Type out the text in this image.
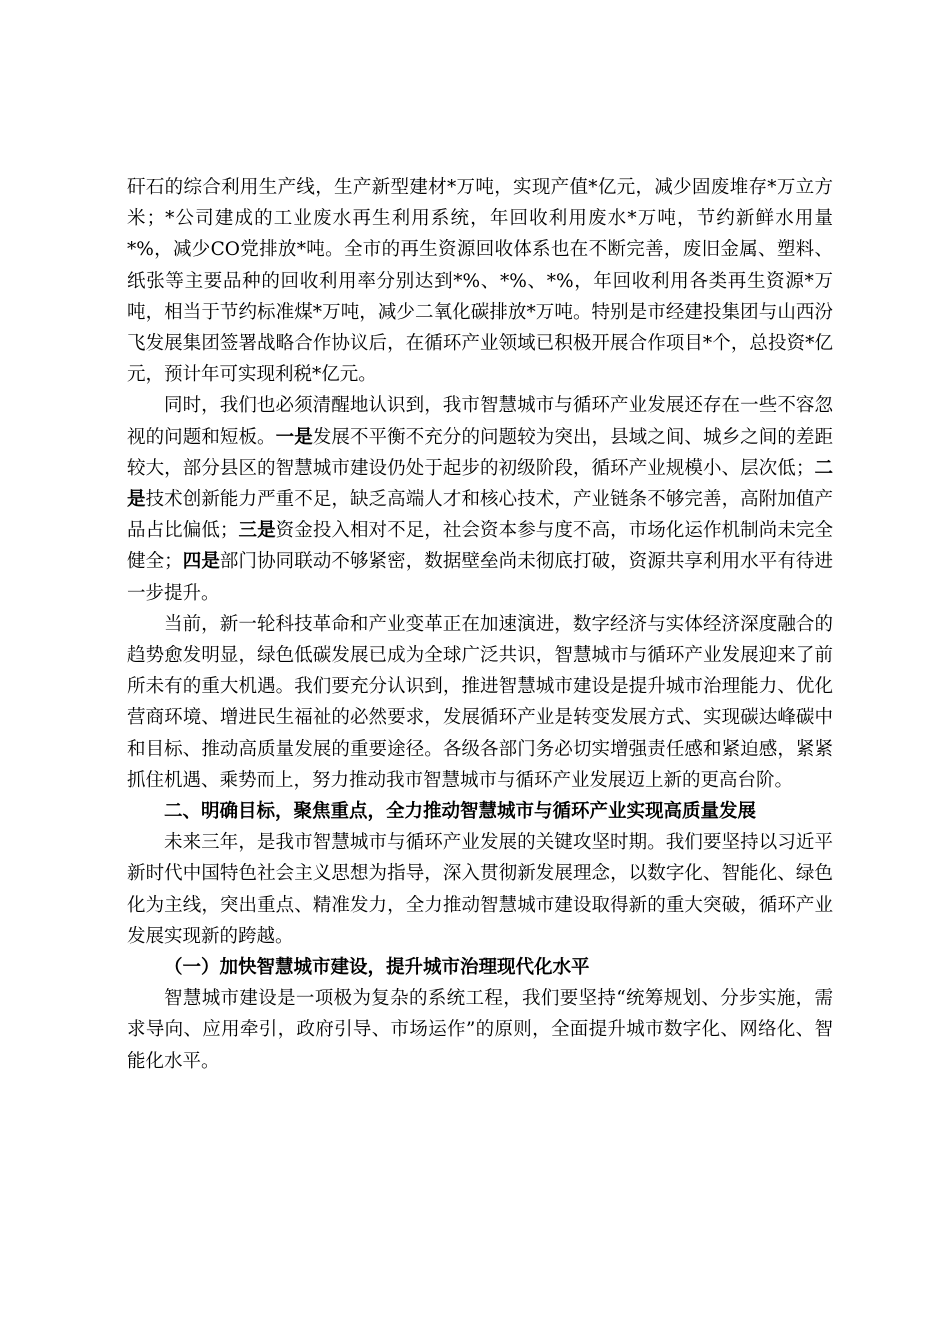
矸石的综合利用生产线，生产新型建材*万吨，实现产值*亿元，减少固废堆存*万立方米；*公司建成的工业废水再生利用系统，年回收利用废水*万吨，节约新鲜水用量*%，减少CO党排放*吨。全市的再生资源回收体系也在不断完善，废旧金属、塑料、纸张等主要品种的回收利用率分别达到*%、*%、*%，年回收利用各类再生资源*万吨，相当于节约标准煤*万吨，减少二氧化碳排放*万吨。特别是市经建投集团与山西汾飞发展集团签署战略合作协议后，在循环产业领域已积极开展合作项目*个，总投资*亿元，预计年可实现利税*亿元。

同时，我们也必须清醒地认识到，我市智慧城市与循环产业发展还存在一些不容忽视的问题和短板。一是发展不平衡不充分的问题较为突出，县域之间、城乡之间的差距较大，部分县区的智慧城市建设仍处于起步的初级阶段，循环产业规模小、层次低；二是技术创新能力严重不足，缺乏高端人才和核心技术，产业链条不够完善，高附加值产品占比偏低；三是资金投入相对不足，社会资本参与度不高，市场化运作机制尚未完全健全；四是部门协同联动不够紧密，数据壁垒尚未彻底打破，资源共享利用水平有待进一步提升。

当前，新一轮科技革命和产业变革正在加速演进，数字经济与实体经济深度融合的趋势愈发明显，绿色低碳发展已成为全球广泛共识，智慧城市与循环产业发展迎来了前所未有的重大机遇。我们要充分认识到，推进智慧城市建设是提升城市治理能力、优化营商环境、增进民生福祉的必然要求，发展循环产业是转变发展方式、实现碳达峰碳中和目标、推动高质量发展的重要途径。各级各部门务必切实增强责任感和紧迫感，紧紧抓住机遇、乘势而上，努力推动我市智慧城市与循环产业发展迈上新的更高台阶。

二、明确目标，聚焦重点，全力推动智慧城市与循环产业实现高质量发展

未来三年，是我市智慧城市与循环产业发展的关键攻坚时期。我们要坚持以习近平新时代中国特色社会主义思想为指导，深入贯彻新发展理念，以数字化、智能化、绿色化为主线，突出重点、精准发力，全力推动智慧城市建设取得新的重大突破，循环产业发展实现新的跨越。

（一）加快智慧城市建设，提升城市治理现代化水平

智慧城市建设是一项极为复杂的系统工程，我们要坚持“统筹规划、分步实施，需求导向、应用牵引，政府引导、市场运作”的原则，全面提升城市数字化、网络化、智能化水平。
